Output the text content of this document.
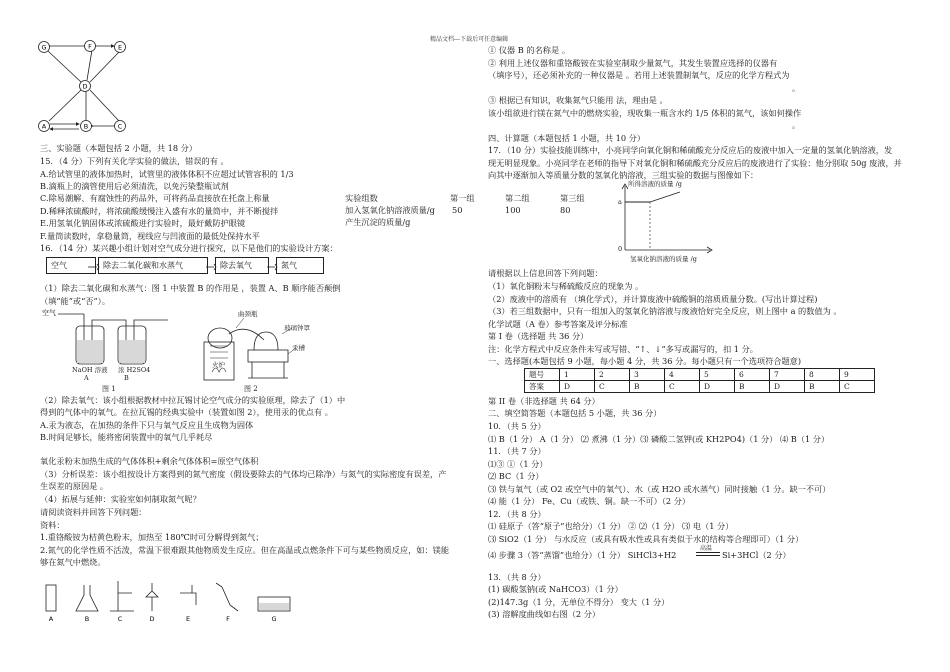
精品文档---下载后可任意编辑
G	F	E
D
A	B	C
三、实验题（本题包括 2 小题，共 18 分）
15．（4 分）下列有关化学实验的做法，错误的有 。
A.给试管里的液体加热时，试管里的液体体积不应超过试管容积的 1/3
B.滴瓶上的滴管使用后必须清洗，以免污染整瓶试剂
C.除易潮解、有腐蚀性的药品外，可将药品直接放在托盘上称量
D.稀释浓硫酸时，将浓硫酸缓慢注入盛有水的量筒中，并不断搅拌
E.用氢氧化钠固体或浓硫酸进行实验时，最好戴防护眼镜
F.量筒读数时，拿稳量筒，视线应与凹液面的最低处保持水平
16．（14 分）某兴趣小组计划对空气成分进行探究，以下是他们的实验设计方案：
空气	除去二氧化碳和水蒸气	除去氧气	氮气
（1）除去二氧化碳和水蒸气：图 1 中装置 B 的作用是 ，装置 A、B 顺序能否颠倒
（填“能”或“否”）。
空气
NaOH 溶液 浓 H2SO4
A	B
图 1
曲颈瓶
玻璃钟罩
汞槽
火炉
图 2
（2）除去氧气：该小组根据教材中拉瓦锡讨论空气成分的实验原理，除去了（1）中
得到的气体中的氧气。在拉瓦锡的经典实验中（装置如图 2），使用汞的优点有 。
A.汞为液态，在加热的条件下只与氧气反应且生成物为固体
B.时间足够长，能将密闭装置中的氧气几乎耗尽
氧化汞粉末加热生成的气体体积+剩余气体体积=原空气体积
（3）分析误差：该小组按设计方案得到的氮气密度（假设要除去的气体均已除净）与氮气的实际密度有误差，产
生误差的原因是 。
（4）拓展与延伸：实验室如何制取氮气呢？
请阅读资料并回答下列问题：
资料：
1.重铬酸铵为桔黄色粉末，加热至 180℃时可分解得到氮气；
2.氮气的化学性质不活泼，常温下很难跟其他物质发生反应。但在高温或点燃条件下可与某些物质反应，如：镁能
够在氮气中燃烧。
A	B	C	D	E	F	G
实验组数	第一组	第二组	第三组
加入氢氧化钠溶液质量/g 50	100	80
产生沉淀的质量/g
① 仪器 B 的名称是 。
② 利用上述仪器和重铬酸铵在实验室制取少量氮气，其发生装置应选择的仪器有
（填序号），还必须补充的一种仪器是 。若用上述装置制氧气，反应的化学方程式为
。
③ 根据已有知识，收集氮气只能用 法，理由是 。
该小组欲进行镁在氮气中的燃烧实验，现收集一瓶含水约 1/5 体积的氮气，该如何操作
。
四、计算题（本题包括 1 小题，共 10 分）
17．（10 分）实验技能训练中，小亮同学向氧化铜和稀硫酸充分反应后的废液中加入一定量的氢氧化钠溶液，发
现无明显现象。小亮同学在老师的指导下对氧化铜和稀硫酸充分反应后的废液进行了实验：他分别取 50g 废液，并
向其中逐渐加入等质量分数的氢氧化钠溶液，三组实验的数据与图像如下：
所得溶液的质量 /g
a
0
氢氧化钠溶液的质量 /g
请根据以上信息回答下列问题：
（1）氧化铜粉末与稀硫酸反应的现象为 。
（2）废液中的溶质有 （填化学式），并计算废液中硫酸铜的溶质质量分数。(写出计算过程)
（3）若三组数据中，只有一组加入的氢氧化钠溶液与废液恰好完全反应，则上图中 a 的数值为 。
化学试题（A 卷）参考答案及评分标准
第 I 卷（选择题 共 36 分）
注：化学方程式中反应条件未写或写错、“↑、↓”多写或漏写的，扣 1 分。
一、选择题(本题包括 9 小题，每小题 4 分，共 36 分。每小题只有一个选项符合题意)
题号	1	2	3	4	5	6	7	8	9
答案	D	C	B	C	D	B	D	B	C
第 II 卷（非选择题 共 64 分）
二、填空简答题（本题包括 5 小题，共 36 分）
10．（共 5 分）
⑴ B（1 分） A（1 分） ⑵ 煮沸（1 分）⑶ 磷酸二氢钾(或 KH2PO4)（1 分） ⑷ B（1 分）
11．（共 7 分）
⑴③ ①（1 分）
⑵ BC（1 分）
⑶ 铁与氧气（或 O2 或空气中的氧气）、水（或 H2O 或水蒸气）同时接触（1 分。缺一不可）
⑷ 能（1 分） Fe、Cu（或铁、铜。缺一不可）（2 分）
12．（共 8 分）
⑴ 硅原子（答“原子”也给分）（1 分） ② ⑵（1 分） ⑶ 电（1 分）
⑶ SiO2（1 分） 与水反应（或具有吸水性或具有类似于水的结构等合理即可）（1 分）
⑷ 步骤 3（答“蒸馏”也给分）（1 分） SiHCl3+H2
高温
Si+3HCl（2 分）
13．（共 8 分）
(1) 碳酸氢钠(或 NaHCO3）（1 分）
(2)147.3g（1 分，无单位不得分） 变大（1 分）
(3) 溶解度曲线如右图（2 分）
